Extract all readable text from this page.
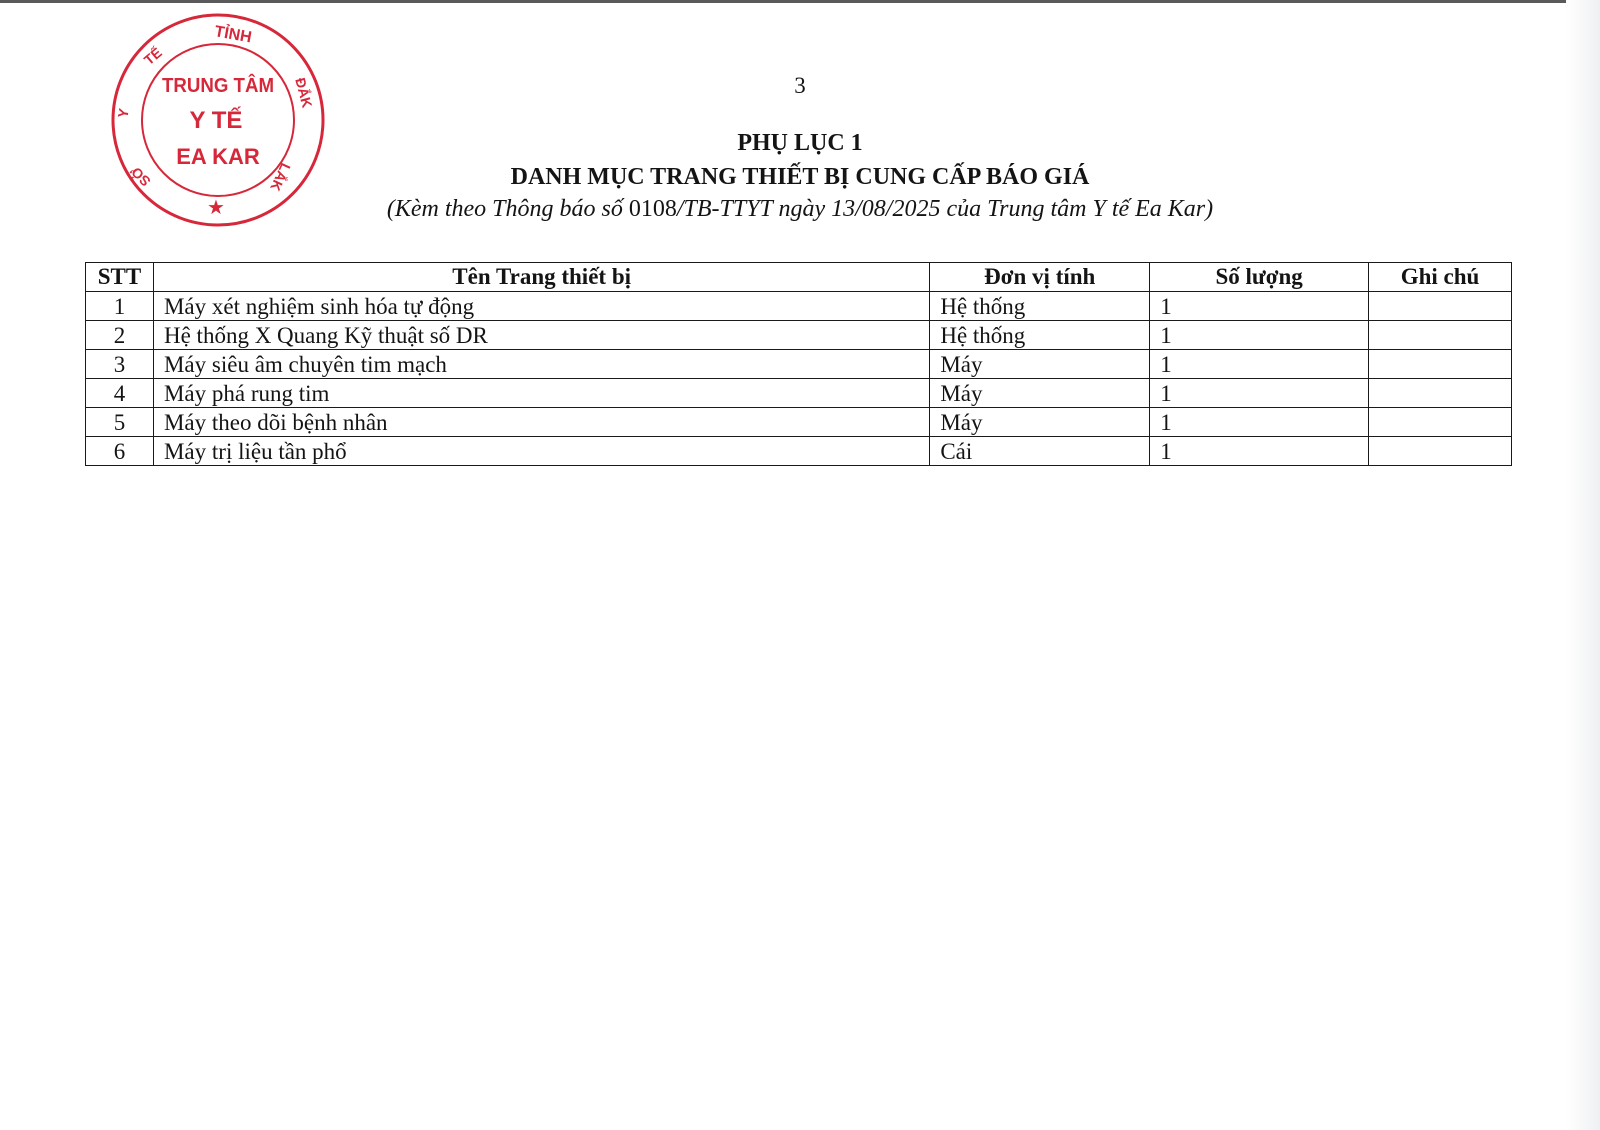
TỈNH
TẾ
Y
ĐẮK
LẮK
SỞ
TRUNG TÂM
Y TẾ
EA KAR
★
3
PHỤ LỤC 1
DANH MỤC TRANG THIẾT BỊ CUNG CẤP BÁO GIÁ
(Kèm theo Thông báo số 0108/TB-TTYT ngày 13/08/2025 của Trung tâm Y tế Ea Kar)
STT	Tên Trang thiết bị	Đơn vị tính	Số lượng	Ghi chú
1	Máy xét nghiệm sinh hóa tự động	Hệ thống	1	
2	Hệ thống X Quang Kỹ thuật số DR	Hệ thống	1	
3	Máy siêu âm chuyên tim mạch	Máy	1	
4	Máy phá rung tim	Máy	1	
5	Máy theo dõi bệnh nhân	Máy	1	
6	Máy trị liệu tần phổ	Cái	1	
